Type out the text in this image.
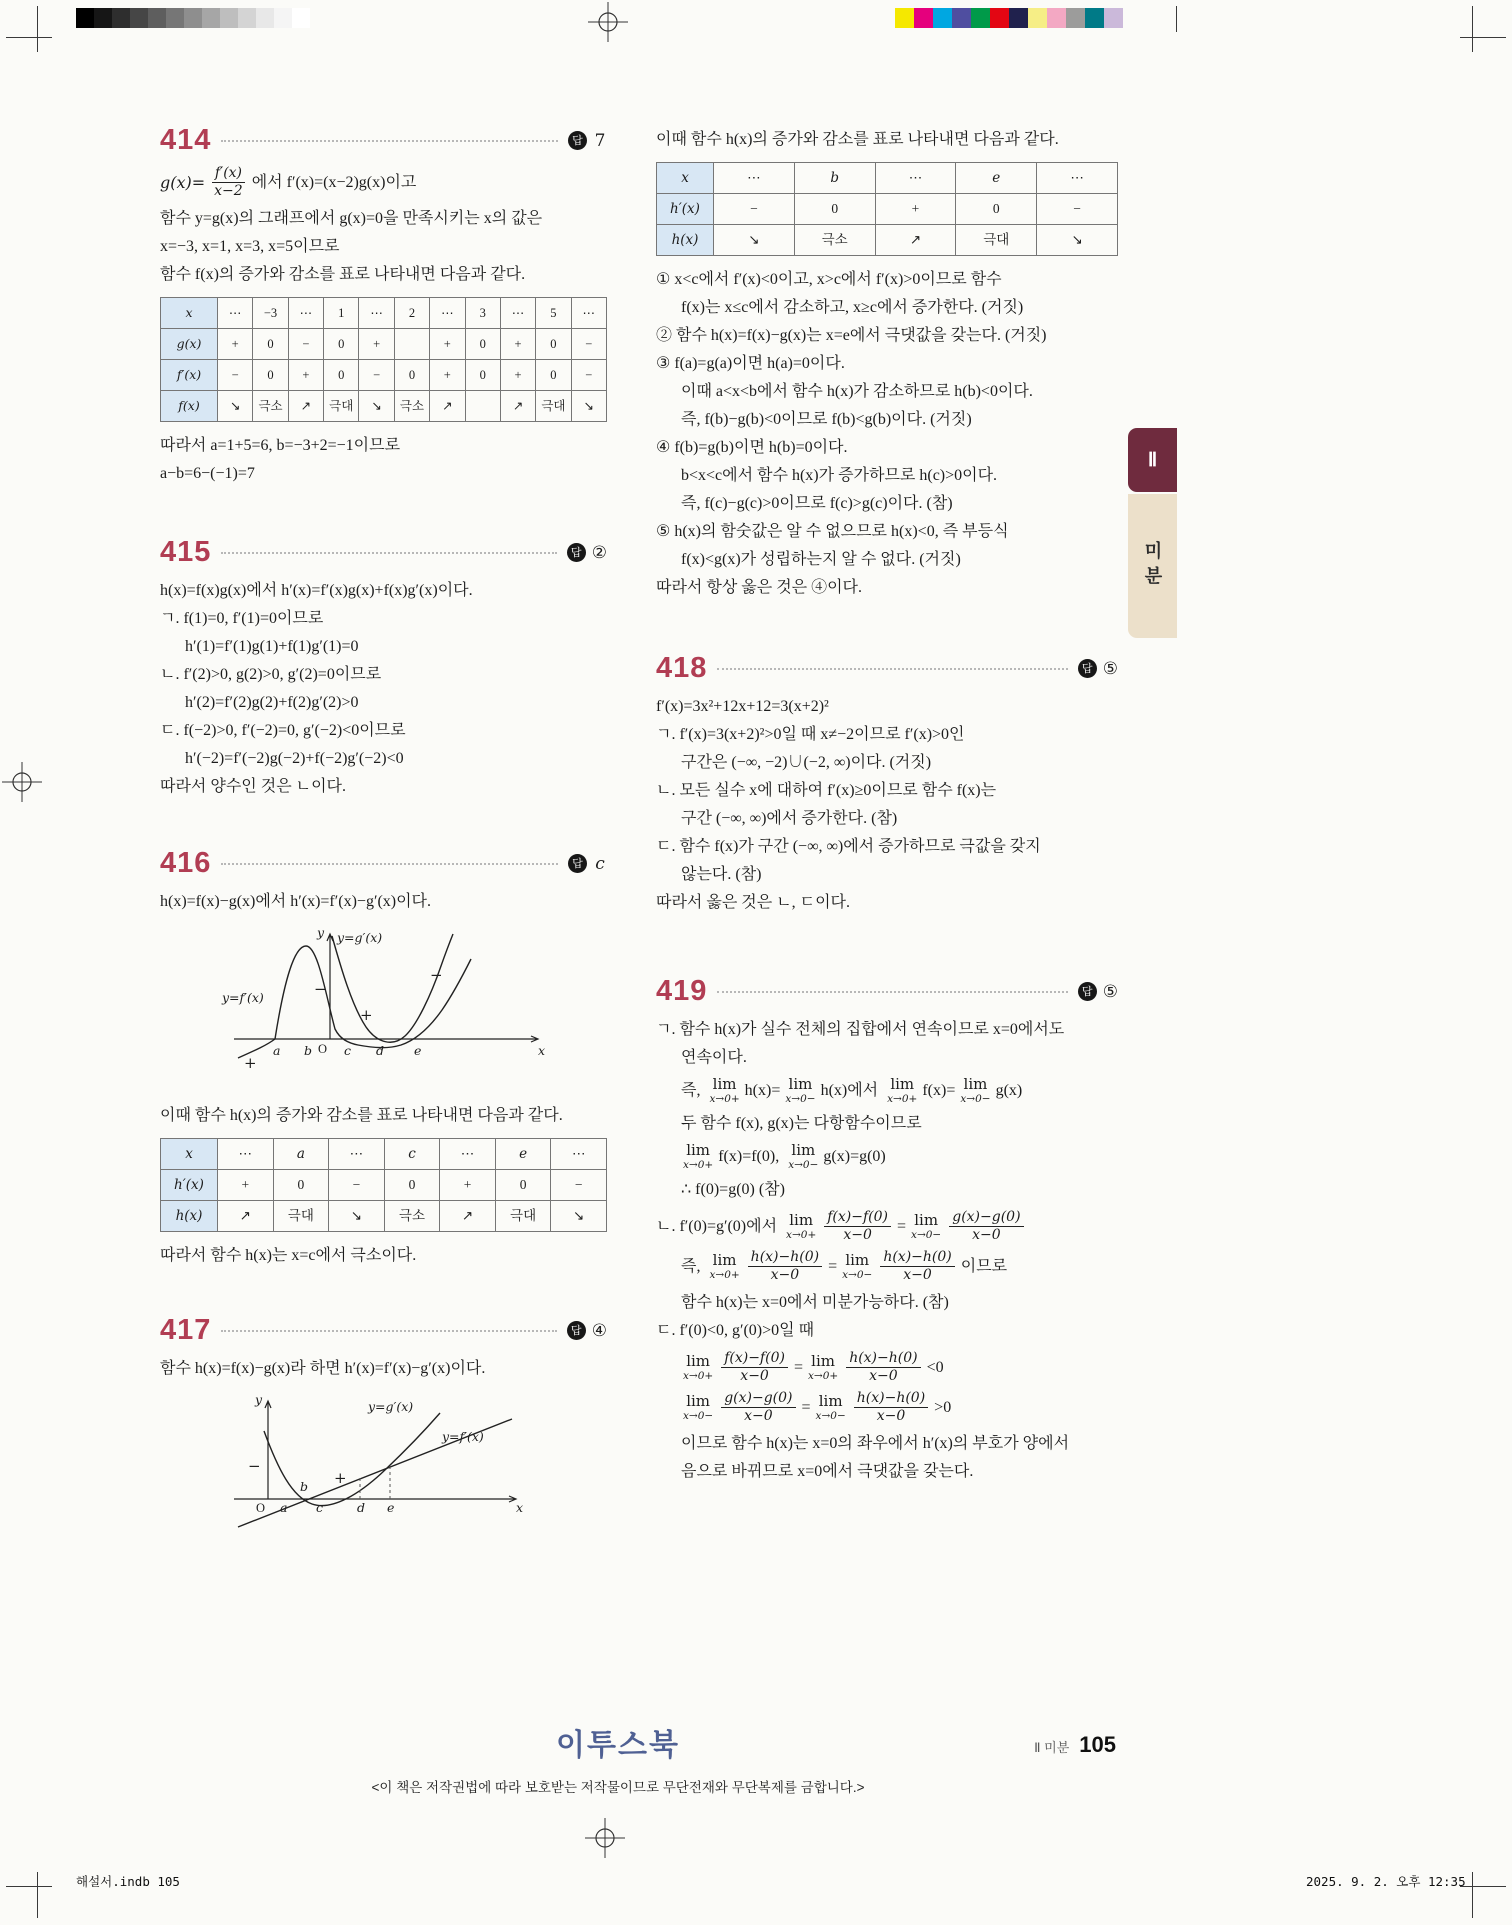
Ⅱ
미분
414	답 7
$g(x)= \frac{f'(x)}{x-2}$ 에서 f′(x)=(x−2)g(x)이고
함수 y=g(x)의 그래프에서 g(x)=0을 만족시키는 x의 값은
x=−3, x=1, x=3, x=5이므로
함수 f(x)의 증가와 감소를 표로 나타내면 다음과 같다.
x	⋯	−3	⋯	1	⋯	2	⋯	3	⋯	5	⋯
g(x)	+	0	−	0	+		+	0	+	0	−
f′(x)	−	0	+	0	−	0	+	0	+	0	−
f(x)	↘	극소	↗	극대	↘	극소	↗		↗	극대	↘
따라서 a=1+5=6, b=−3+2=−1이므로
a−b=6−(−1)=7
415	답 ②
h(x)=f(x)g(x)에서 h′(x)=f′(x)g(x)+f(x)g′(x)이다.
ㄱ. f(1)=0, f′(1)=0이므로
h′(1)=f′(1)g(1)+f(1)g′(1)=0
ㄴ. f′(2)>0, g(2)>0, g′(2)=0이므로
h′(2)=f′(2)g(2)+f(2)g′(2)>0
ㄷ. f(−2)>0, f′(−2)=0, g′(−2)<0이므로
h′(−2)=f′(−2)g(−2)+f(−2)g′(−2)<0
따라서 양수인 것은 ㄴ이다.
416	답 c
h(x)=f(x)−g(x)에서 h′(x)=f′(x)−g′(x)이다.
y y=g′(x)
y=f′(x)
+
−
+
−
a b O c d e	x
이때 함수 h(x)의 증가와 감소를 표로 나타내면 다음과 같다.
x	⋯	a	⋯	c	⋯	e	⋯
h′(x)	+	0	−	0	+	0	−
h(x)	↗	극대	↘	극소	↗	극대	↘
따라서 함수 h(x)는 x=c에서 극소이다.
417	답 ④
함수 h(x)=f(x)−g(x)라 하면 h′(x)=f′(x)−g′(x)이다.
y	y=g′(x)
y=f′(x)
−
+
O a
b
c	d e	x
이때 함수 h(x)의 증가와 감소를 표로 나타내면 다음과 같다.
x	⋯	b	⋯	e	⋯
h′(x)	−	0	+	0	−
h(x)	↘	극소	↗	극대	↘
① x<c에서 f′(x)<0이고, x>c에서 f′(x)>0이므로 함수
f(x)는 x≤c에서 감소하고, x≥c에서 증가한다. (거짓)
② 함수 h(x)=f(x)−g(x)는 x=e에서 극댓값을 갖는다. (거짓)
③ f(a)=g(a)이면 h(a)=0이다.
이때 a<x<b에서 함수 h(x)가 감소하므로 h(b)<0이다.
즉, f(b)−g(b)<0이므로 f(b)<g(b)이다. (거짓)
④ f(b)=g(b)이면 h(b)=0이다.
b<x<c에서 함수 h(x)가 증가하므로 h(c)>0이다.
즉, f(c)−g(c)>0이므로 f(c)>g(c)이다. (참)
⑤ h(x)의 함숫값은 알 수 없으므로 h(x)<0, 즉 부등식
f(x)<g(x)가 성립하는지 알 수 없다. (거짓)
따라서 항상 옳은 것은 ④이다.
418	답 ⑤
f′(x)=3x²+12x+12=3(x+2)²
ㄱ. f′(x)=3(x+2)²>0일 때 x≠−2이므로 f′(x)>0인
구간은 (−∞, −2)∪(−2, ∞)이다. (거짓)
ㄴ. 모든 실수 x에 대하여 f′(x)≥0이므로 함수 f(x)는
구간 (−∞, ∞)에서 증가한다. (참)
ㄷ. 함수 f(x)가 구간 (−∞, ∞)에서 증가하므로 극값을 갖지
않는다. (참)
따라서 옳은 것은 ㄴ, ㄷ이다.
419	답 ⑤
ㄱ. 함수 h(x)가 실수 전체의 집합에서 연속이므로 x=0에서도
연속이다.
즉, lim
x→0+
h(x)= lim
x→0−
h(x)에서 lim
x→0+
f(x)= lim
x→0−
g(x)
두 함수 f(x), g(x)는 다항함수이므로
lim
x→0+
f(x)=f(0), lim
x→0−
g(x)=g(0)
∴ f(0)=g(0) (참)
ㄴ. f′(0)=g′(0)에서 lim
$x\to 0+ \frac{f(x)-f(0)}{x-0} = \lim$
$x\to 0- \frac{g(x)-g(0)}{x-0}$
즉, lim
$x\to 0+ \frac{h(x)-h(0)}{x-0} = \lim$
$x\to 0- \frac{h(x)-h(0)}{x-0}$ 이므로
함수 h(x)는 x=0에서 미분가능하다. (참)
ㄷ. f′(0)<0, g′(0)>0일 때
lim
$x\to 0+ \frac{f(x)-f(0)}{x-0} = \lim$
$x\to 0+ \frac{h(x)-h(0)}{x-0} <0$
lim
$x\to 0- \frac{g(x)-g(0)}{x-0} = \lim$
$x\to 0- \frac{h(x)-h(0)}{x-0} >0$
이므로 함수 h(x)는 x=0의 좌우에서 h′(x)의 부호가 양에서
음으로 바뀌므로 x=0에서 극댓값을 갖는다.
이투스북	Ⅱ 미분 105
<이 책은 저작권법에 따라 보호받는 저작물이므로 무단전재와 무단복제를 금합니다.>
해설서.indb 105	2025. 9. 2. 오후 12:35
